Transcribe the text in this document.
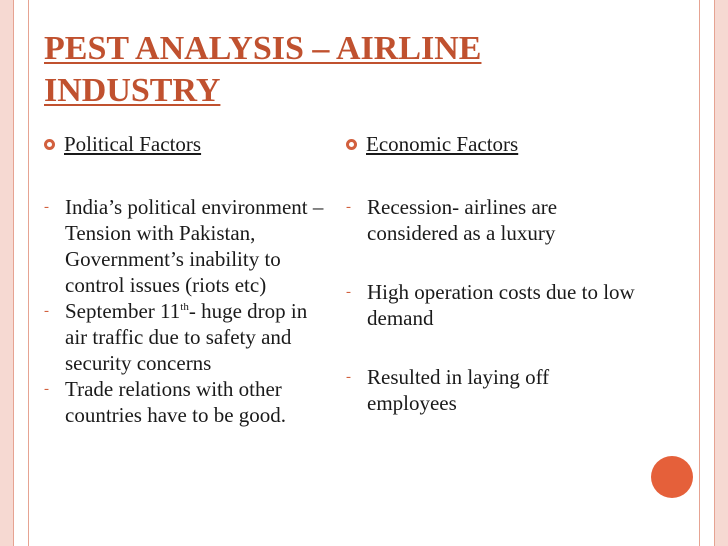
PEST ANALYSIS – AIRLINE INDUSTRY
Political Factors
- India’s political environment – Tension with Pakistan, Government’s inability to control issues (riots etc)
- September 11th- huge drop in air traffic due to safety and security concerns
- Trade relations with other countries have to be good.
Economic Factors
- Recession- airlines are considered as a luxury
- High operation costs due to low demand
- Resulted in laying off employees
